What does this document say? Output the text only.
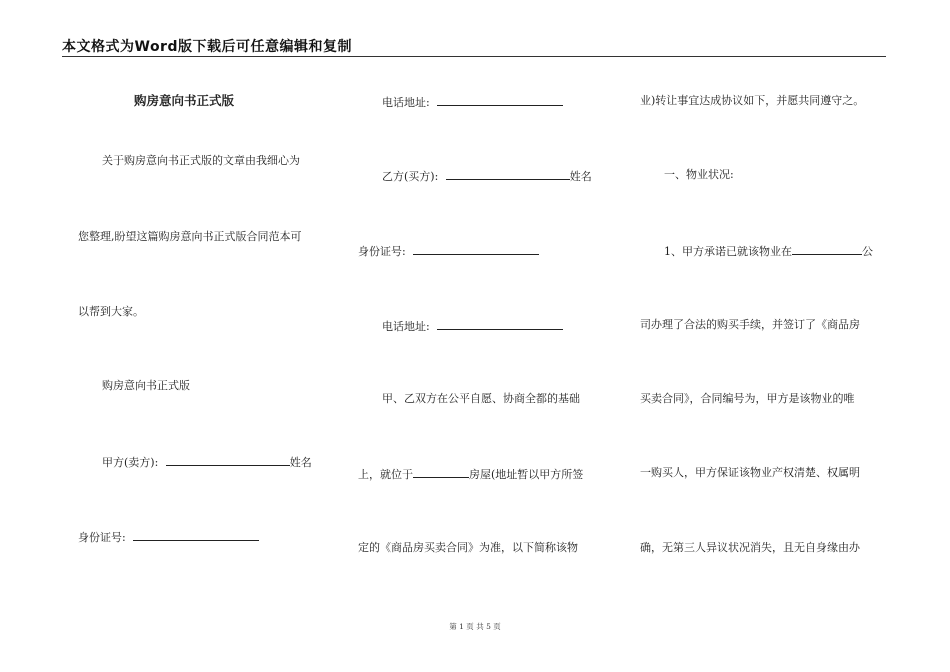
本文格式为Word版下载后可任意编辑和复制
购房意向书正式版
关于购房意向书正式版的文章由我细心为
您整理,盼望这篇购房意向书正式版合同范本可
以帮到大家。
购房意向书正式版
甲方(卖方):	姓名
身份证号:
电话地址:
乙方(买方):	姓名
身份证号:
电话地址:
甲、乙双方在公平自愿、协商全都的基础
上，就位于	房屋(地址暂以甲方所签
定的《商品房买卖合同》为准，以下简称该物
业)转让事宜达成协议如下，并愿共同遵守之。
一、物业状况:
1、甲方承诺已就该物业在	公
司办理了合法的购买手续，并签订了《商品房
买卖合同》，合同编号为，甲方是该物业的唯
一购买人，甲方保证该物业产权清楚、权属明
确，无第三人异议状况消失，且无自身缘由办
第 1 页 共 5 页
